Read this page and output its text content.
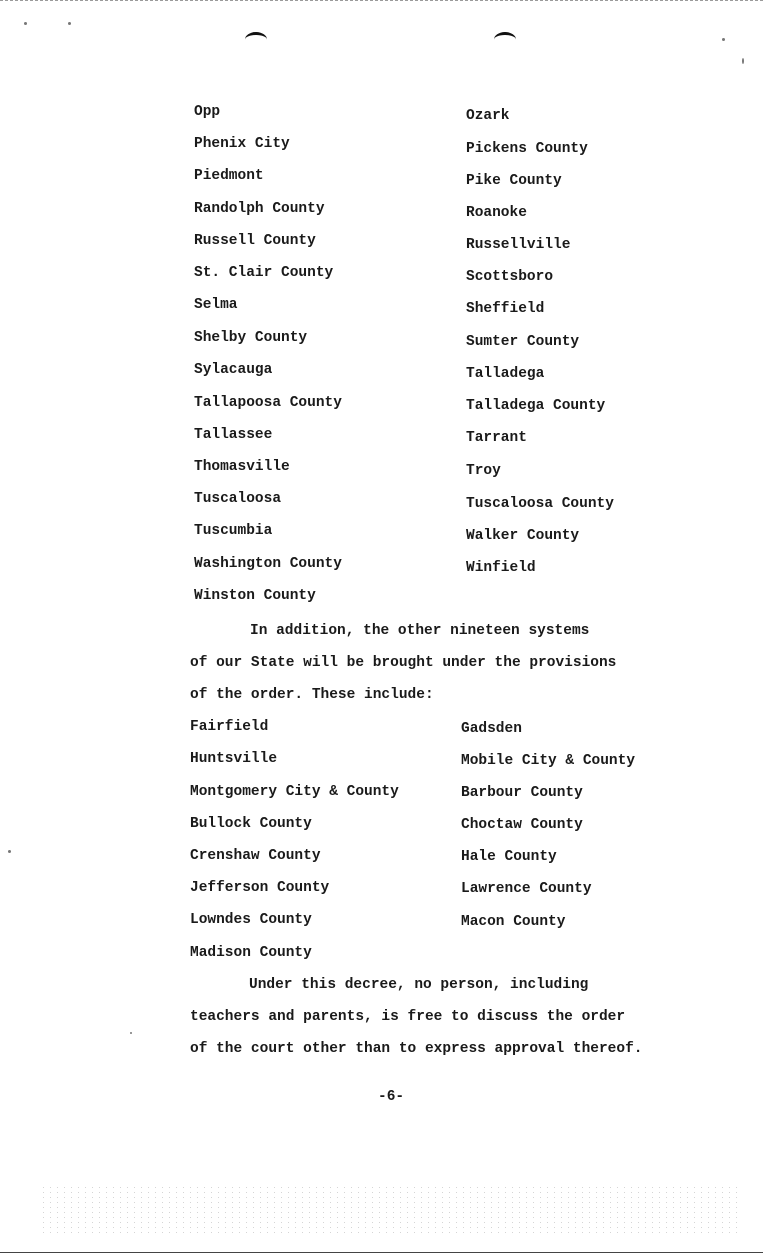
Opp
Phenix City
Piedmont
Randolph County
Russell County
St. Clair County
Selma
Shelby County
Sylacauga
Tallapoosa County
Tallassee
Thomasville
Tuscaloosa
Tuscumbia
Washington County
Winston County
Ozark
Pickens County
Pike County
Roanoke
Russellville
Scottsboro
Sheffield
Sumter County
Talladega
Talladega County
Tarrant
Troy
Tuscaloosa County
Walker County
Winfield
In addition, the other nineteen systems
of our State will be brought under the provisions
of the order. These include:
Fairfield
Huntsville
Montgomery City & County
Bullock County
Crenshaw County
Jefferson County
Lowndes County
Madison County
Gadsden
Mobile City & County
Barbour County
Choctaw County
Hale County
Lawrence County
Macon County
Under this decree, no person, including
teachers and parents, is free to discuss the order
of the court other than to express approval thereof.
-6-
